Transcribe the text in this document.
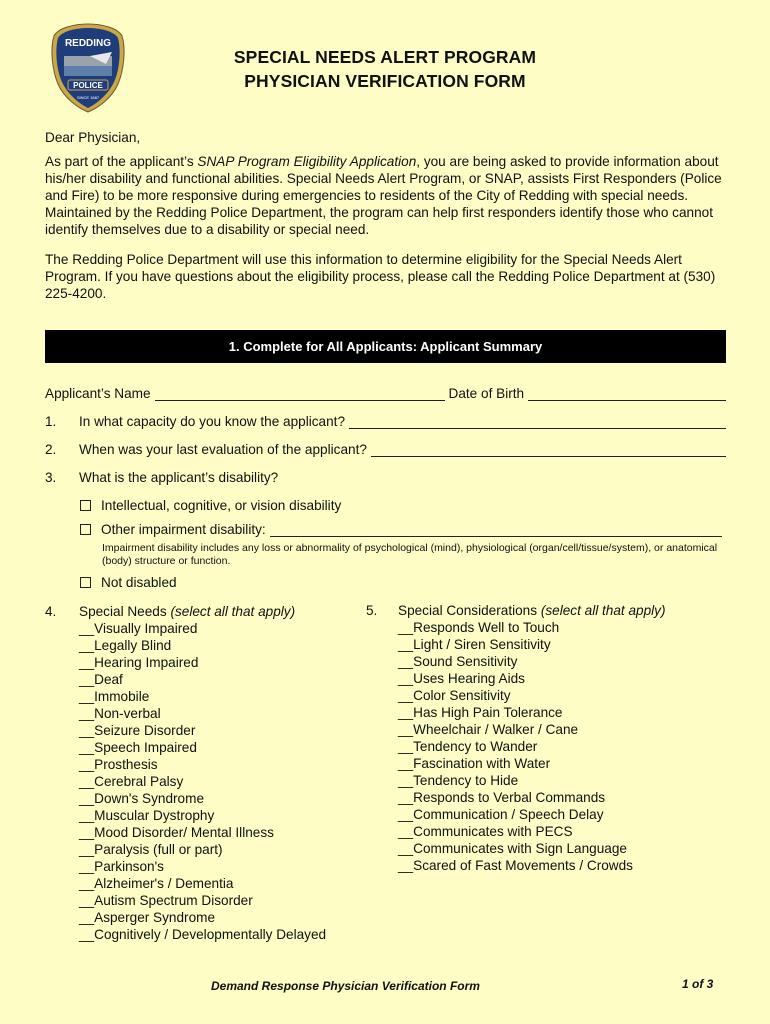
REDDING
POLICE
SINCE 1887
SPECIAL NEEDS ALERT PROGRAM
PHYSICIAN VERIFICATION FORM
Dear Physician,

As part of the applicant’s SNAP Program Eligibility Application, you are being asked to provide information about his/her disability and functional abilities. Special Needs Alert Program, or SNAP, assists First Responders (Police and Fire) to be more responsive during emergencies to residents of the City of Redding with special needs. Maintained by the Redding Police Department, the program can help first responders identify those who cannot identify themselves due to a disability or special need.

The Redding Police Department will use this information to determine eligibility for the Special Needs Alert Program. If you have questions about the eligibility process, please call the Redding Police Department at (530) 225-4200.
1. Complete for All Applicants: Applicant Summary
Applicant’s Name	Date of Birth
1.	In what capacity do you know the applicant?
2.	When was your last evaluation of the applicant?
3.	What is the applicant’s disability?
Intellectual, cognitive, or vision disability
Other impairment disability:
Impairment disability includes any loss or abnormality of psychological (mind), physiological (organ/cell/tissue/system), or anatomical (body) structure or function.
Not disabled
4. Special Needs (select all that apply)
__ Visually Impaired
__ Legally Blind
__ Hearing Impaired
__ Deaf
__ Immobile
__ Non-verbal
__ Seizure Disorder
__ Speech Impaired
__ Prosthesis
__ Cerebral Palsy
__ Down's Syndrome
__ Muscular Dystrophy
__ Mood Disorder/ Mental Illness
__ Paralysis (full or part)
__ Parkinson's
__ Alzheimer's / Dementia
__ Autism Spectrum Disorder
__ Asperger Syndrome
__ Cognitively / Developmentally Delayed
5. Special Considerations (select all that apply)
__ Responds Well to Touch
__ Light / Siren Sensitivity
__ Sound Sensitivity
__ Uses Hearing Aids
__ Color Sensitivity
__ Has High Pain Tolerance
__ Wheelchair / Walker / Cane
__ Tendency to Wander
__ Fascination with Water
__ Tendency to Hide
__ Responds to Verbal Commands
__ Communication / Speech Delay
__ Communicates with PECS
__ Communicates with Sign Language
__ Scared of Fast Movements / Crowds
Demand Response Physician Verification Form	1 of 3
